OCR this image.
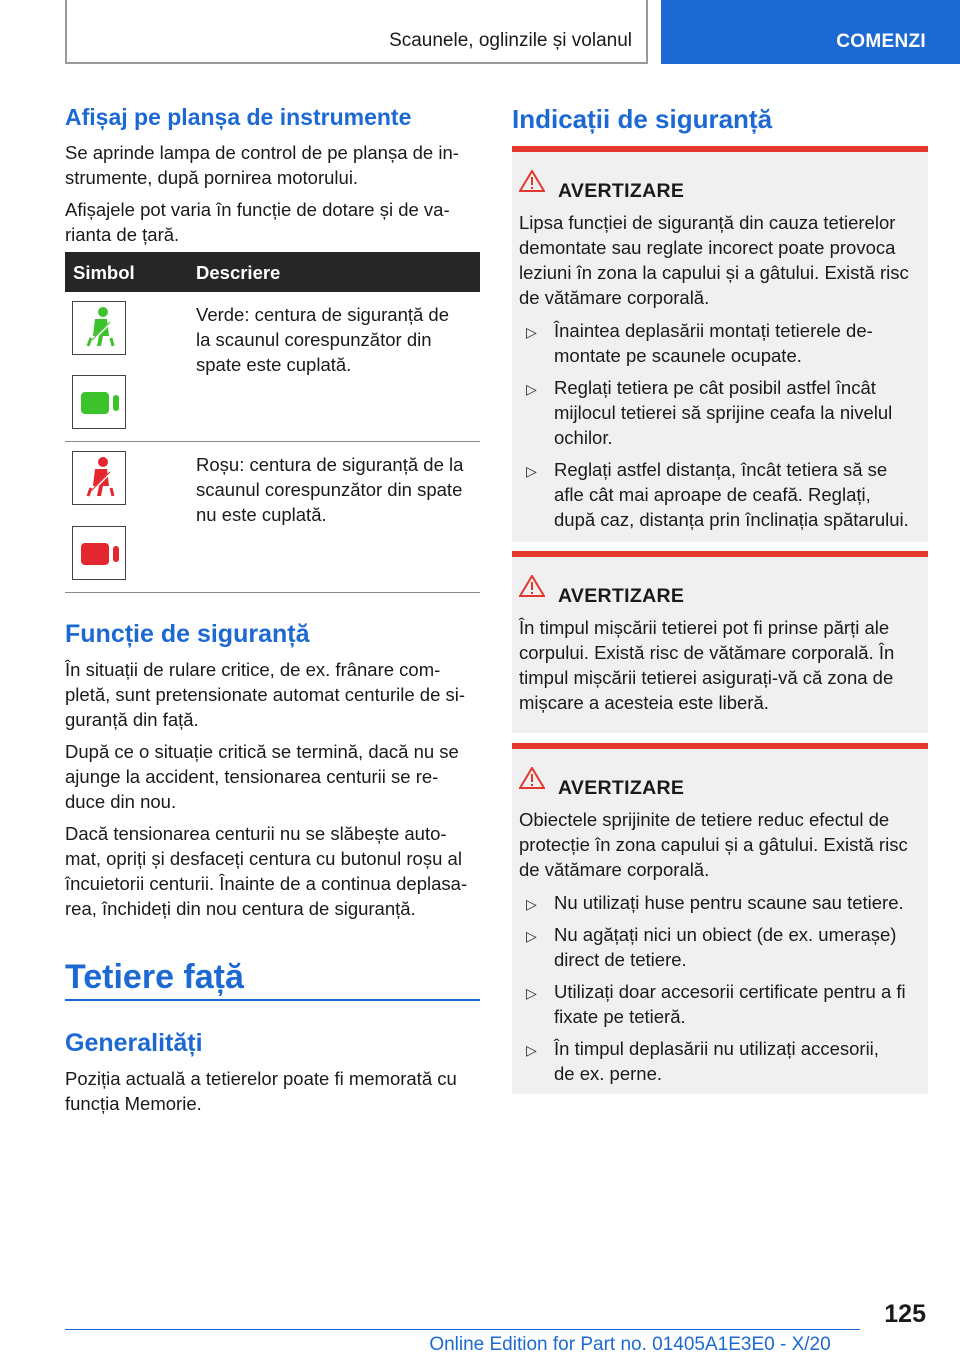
Scaunele, oglinzile și volanul	COMENZI
Afișaj pe planșa de instrumente
Se aprinde lampa de control de pe planșa de in‐
strumente, după pornirea motorului.
Afișajele pot varia în funcție de dotare și de va‐
rianta de țară.
Simbol	Descriere
Verde: centura de siguranță de
la scaunul corespunzător din
spate este cuplată.
Roșu: centura de siguranță de la
scaunul corespunzător din spate
nu este cuplată.
Funcție de siguranță
În situații de rulare critice, de ex. frânare com‐
pletă, sunt pretensionate automat centurile de si‐
guranță din față.
După ce o situație critică se termină, dacă nu se
ajunge la accident, tensionarea centurii se re‐
duce din nou.
Dacă tensionarea centurii nu se slăbește auto‐
mat, opriți și desfaceți centura cu butonul roșu al
încuietorii centurii. Înainte de a continua deplasa‐
rea, închideți din nou centura de siguranță.
Tetiere față
Generalități
Poziția actuală a tetierelor poate fi memorată cu
funcția Memorie.
Indicații de siguranță
AVERTIZARE
Lipsa funcției de siguranță din cauza tetierelor
demontate sau reglate incorect poate provoca
leziuni în zona la capului și a gâtului. Există risc
de vătămare corporală.
▷ Înaintea deplasării montați tetierele de‐
montate pe scaunele ocupate.
▷ Reglați tetiera pe cât posibil astfel încât
mijlocul tetierei să sprijine ceafa la nivelul
ochilor.
▷ Reglați astfel distanța, încât tetiera să se
afle cât mai aproape de ceafă. Reglați,
după caz, distanța prin înclinația spătarului.
AVERTIZARE
În timpul mișcării tetierei pot fi prinse părți ale
corpului. Există risc de vătămare corporală. În
timpul mișcării tetierei asigurați-vă că zona de
mișcare a acesteia este liberă.
AVERTIZARE
Obiectele sprijinite de tetiere reduc efectul de
protecție în zona capului și a gâtului. Există risc
de vătămare corporală.
▷ Nu utilizați huse pentru scaune sau tetiere.
▷ Nu agățați nici un obiect (de ex. umerașe)
direct de tetiere.
▷ Utilizați doar accesorii certificate pentru a fi
fixate pe tetieră.
▷ În timpul deplasării nu utilizați accesorii,
de ex. perne.
125
Online Edition for Part no. 01405A1E3E0 - X/20
